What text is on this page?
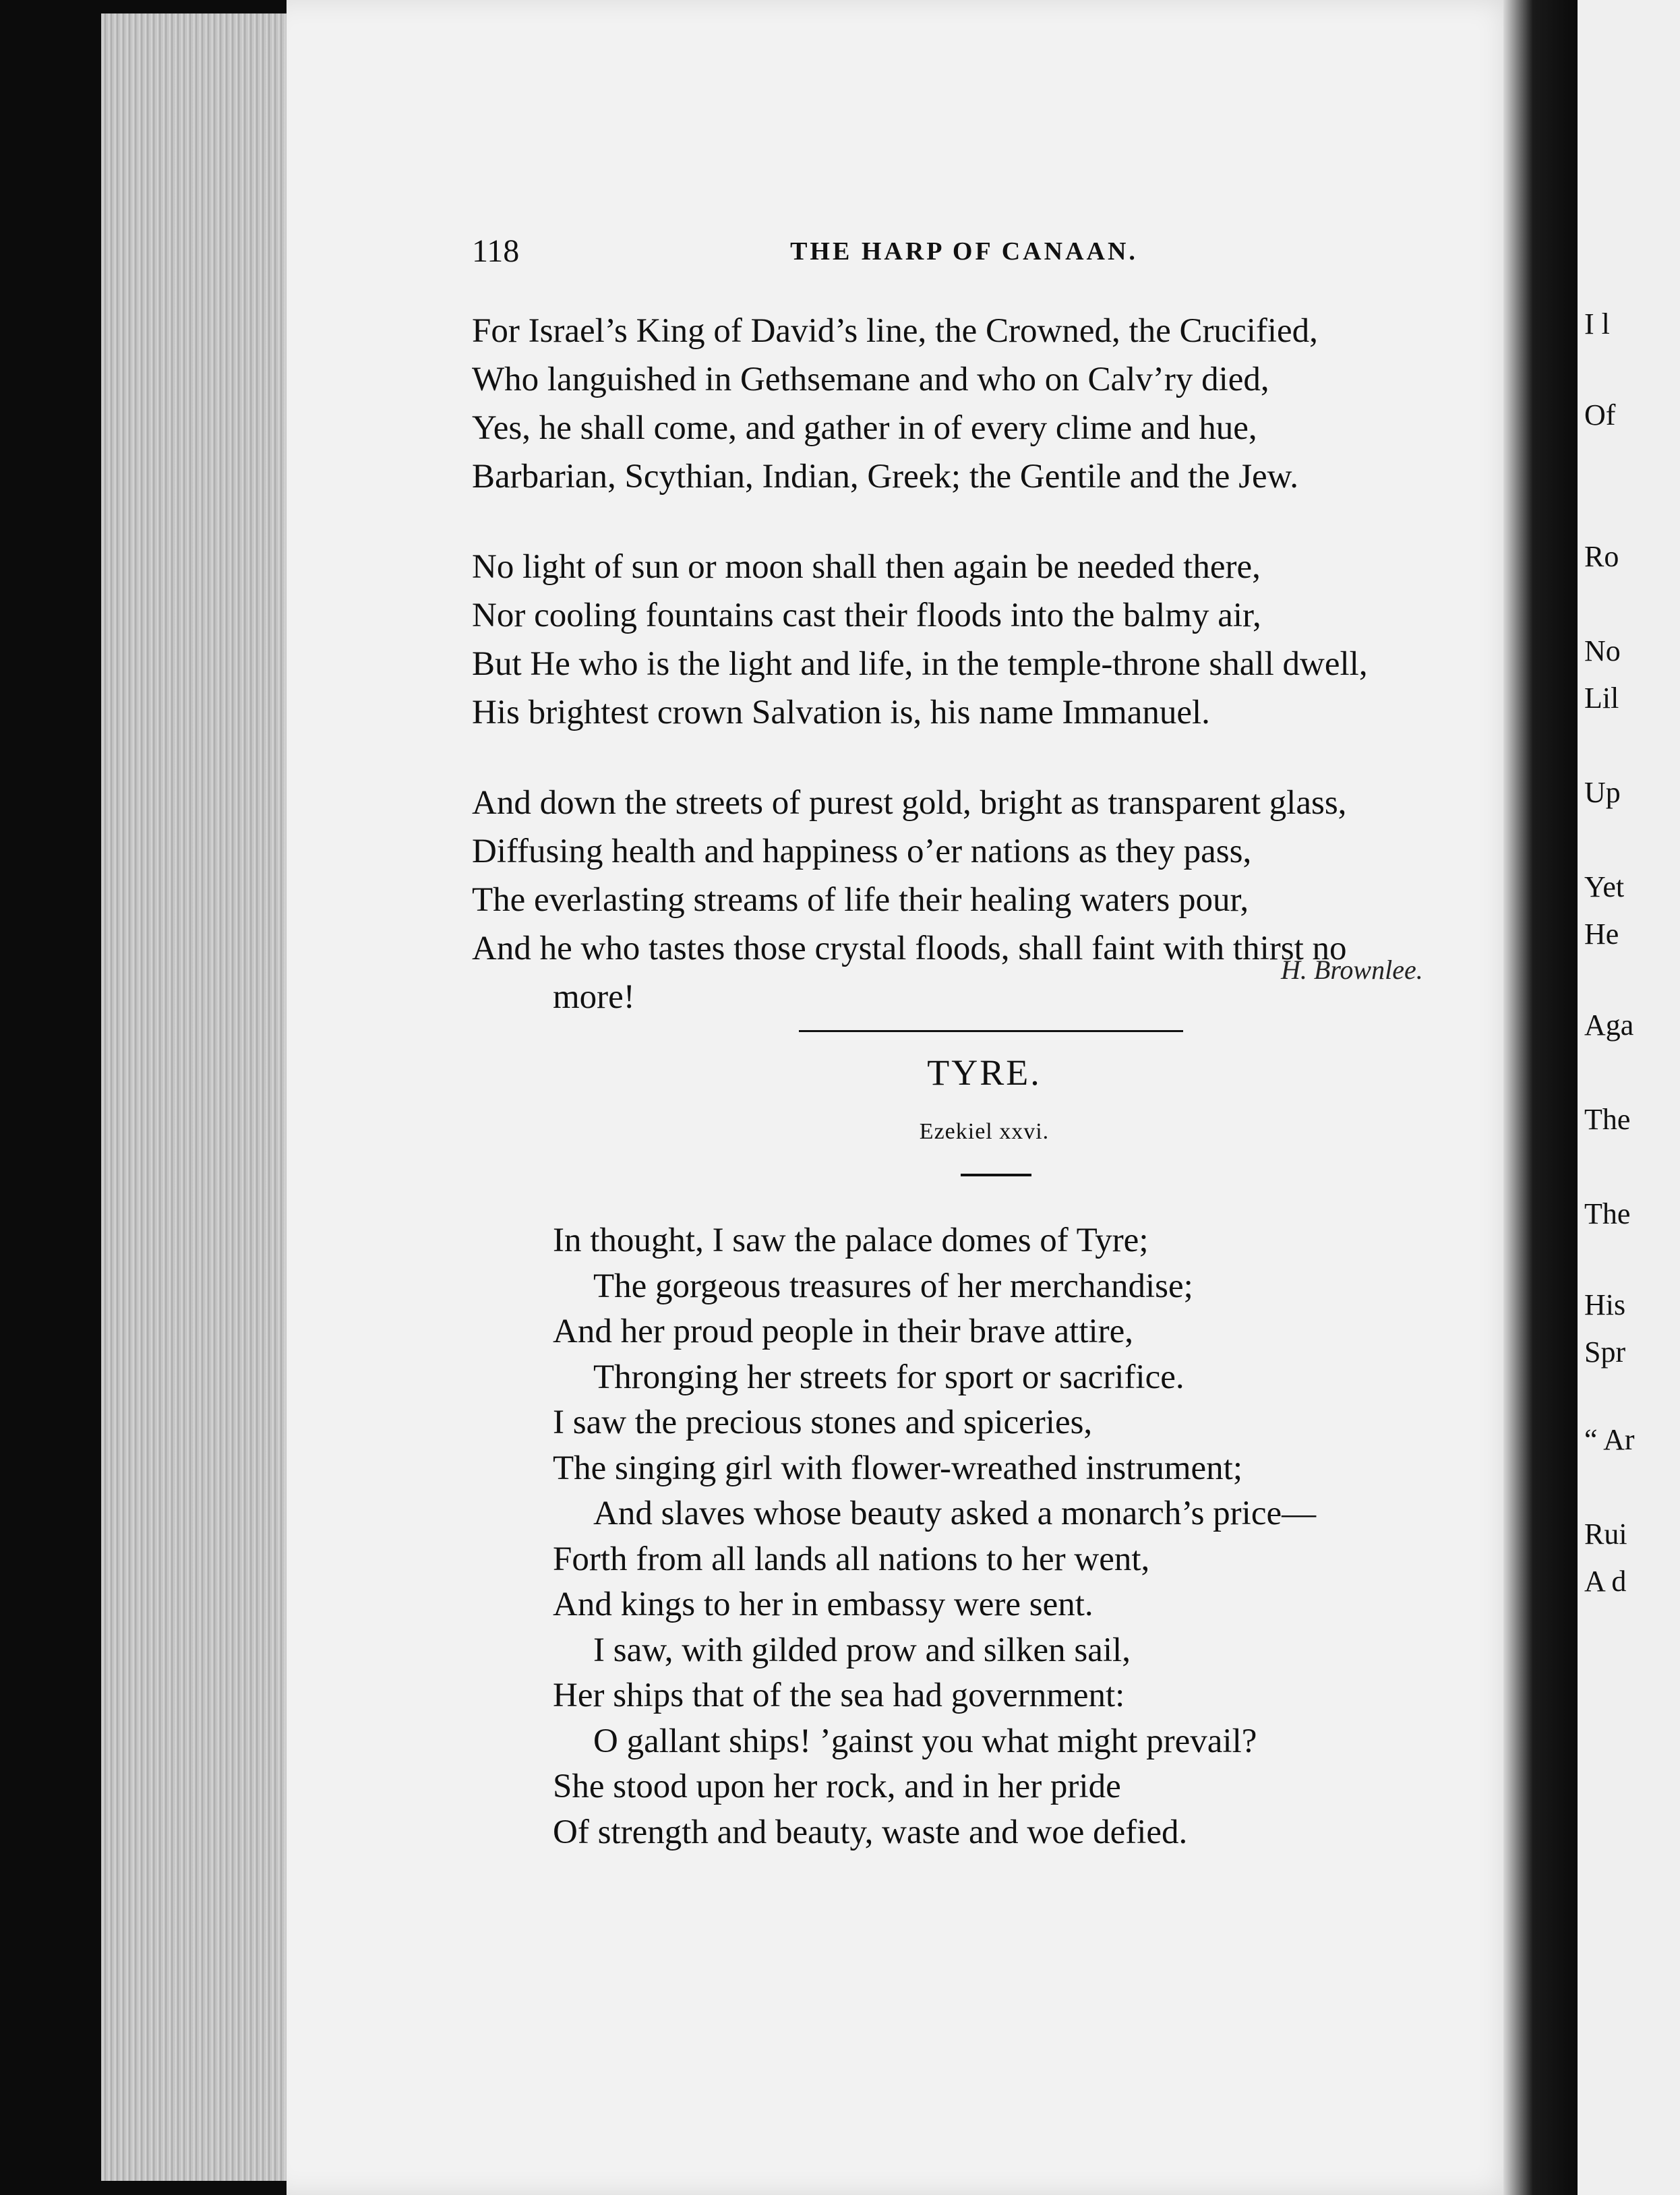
I l
Of
Ro
No
Lil
Up
Yet
He
Aga
The
The
His
Spr
“ Ar
Rui
A d
118	THE HARP OF CANAAN.
For Israel’s King of David’s line, the Crowned, the Crucified,
Who languished in Gethsemane and who on Calv’ry died,
Yes, he shall come, and gather in of every clime and hue,
Barbarian, Scythian, Indian, Greek; the Gentile and the Jew.
No light of sun or moon shall then again be needed there,
Nor cooling fountains cast their floods into the balmy air,
But He who is the light and life, in the temple-throne shall dwell,
His brightest crown Salvation is, his name Immanuel.
And down the streets of purest gold, bright as transparent glass,
Diffusing health and happiness o’er nations as they pass,
The everlasting streams of life their healing waters pour,
And he who tastes those crystal floods, shall faint with thirst no
more!
H. Brownlee.
TYRE.
Ezekiel xxvi.
In thought, I saw the palace domes of Tyre;
The gorgeous treasures of her merchandise;
And her proud people in their brave attire,
Thronging her streets for sport or sacrifice.
I saw the precious stones and spiceries,
The singing girl with flower-wreathed instrument;
And slaves whose beauty asked a monarch’s price—
Forth from all lands all nations to her went,
And kings to her in embassy were sent.
I saw, with gilded prow and silken sail,
Her ships that of the sea had government:
O gallant ships! ’gainst you what might prevail?
She stood upon her rock, and in her pride
Of strength and beauty, waste and woe defied.
